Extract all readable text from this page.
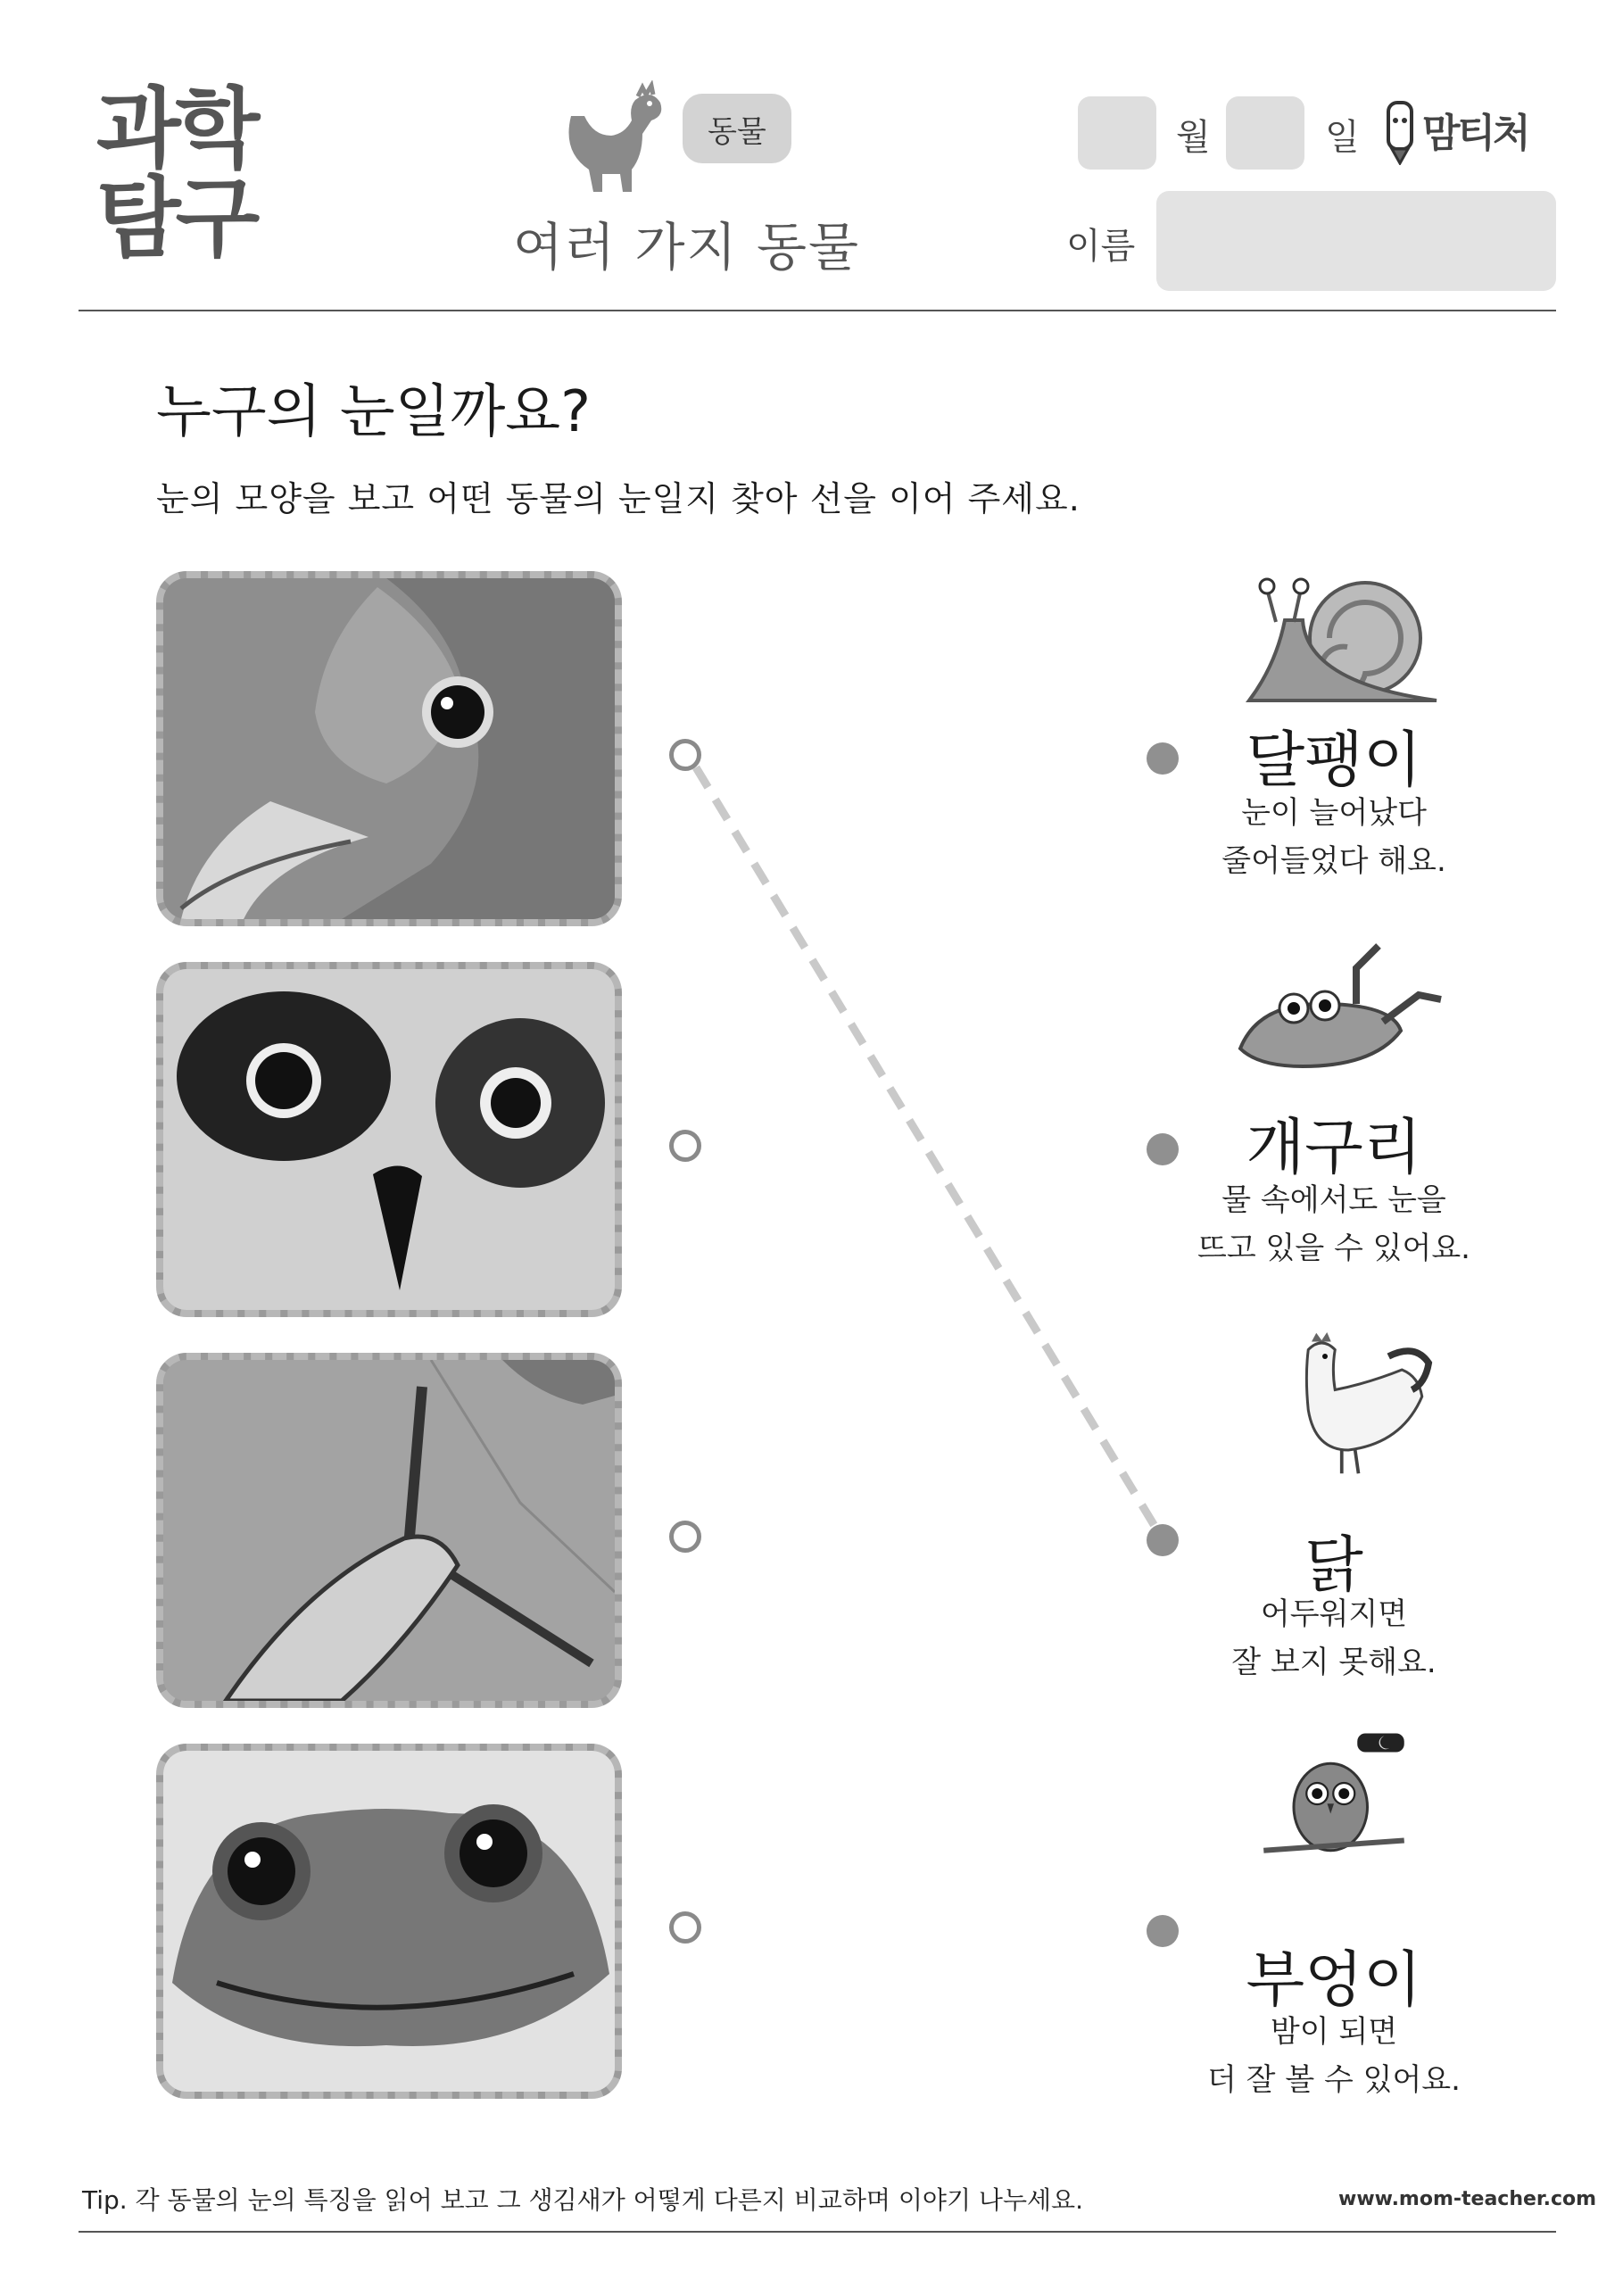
과학
탐구
동물
여러 가지 동물
월	일 맘티처
이름
누구의 눈일까요?
눈의 모양을 보고 어떤 동물의 눈일지 찾아 선을 이어 주세요.
달팽이
눈이 늘어났다
줄어들었다 해요.
개구리
물 속에서도 눈을
뜨고 있을 수 있어요.
닭
어두워지면
잘 보지 못해요.
부엉이
밤이 되면
더 잘 볼 수 있어요.
Tip. 각 동물의 눈의 특징을 읽어 보고 그 생김새가 어떻게 다른지 비교하며 이야기 나누세요.	www.mom-teacher.com
